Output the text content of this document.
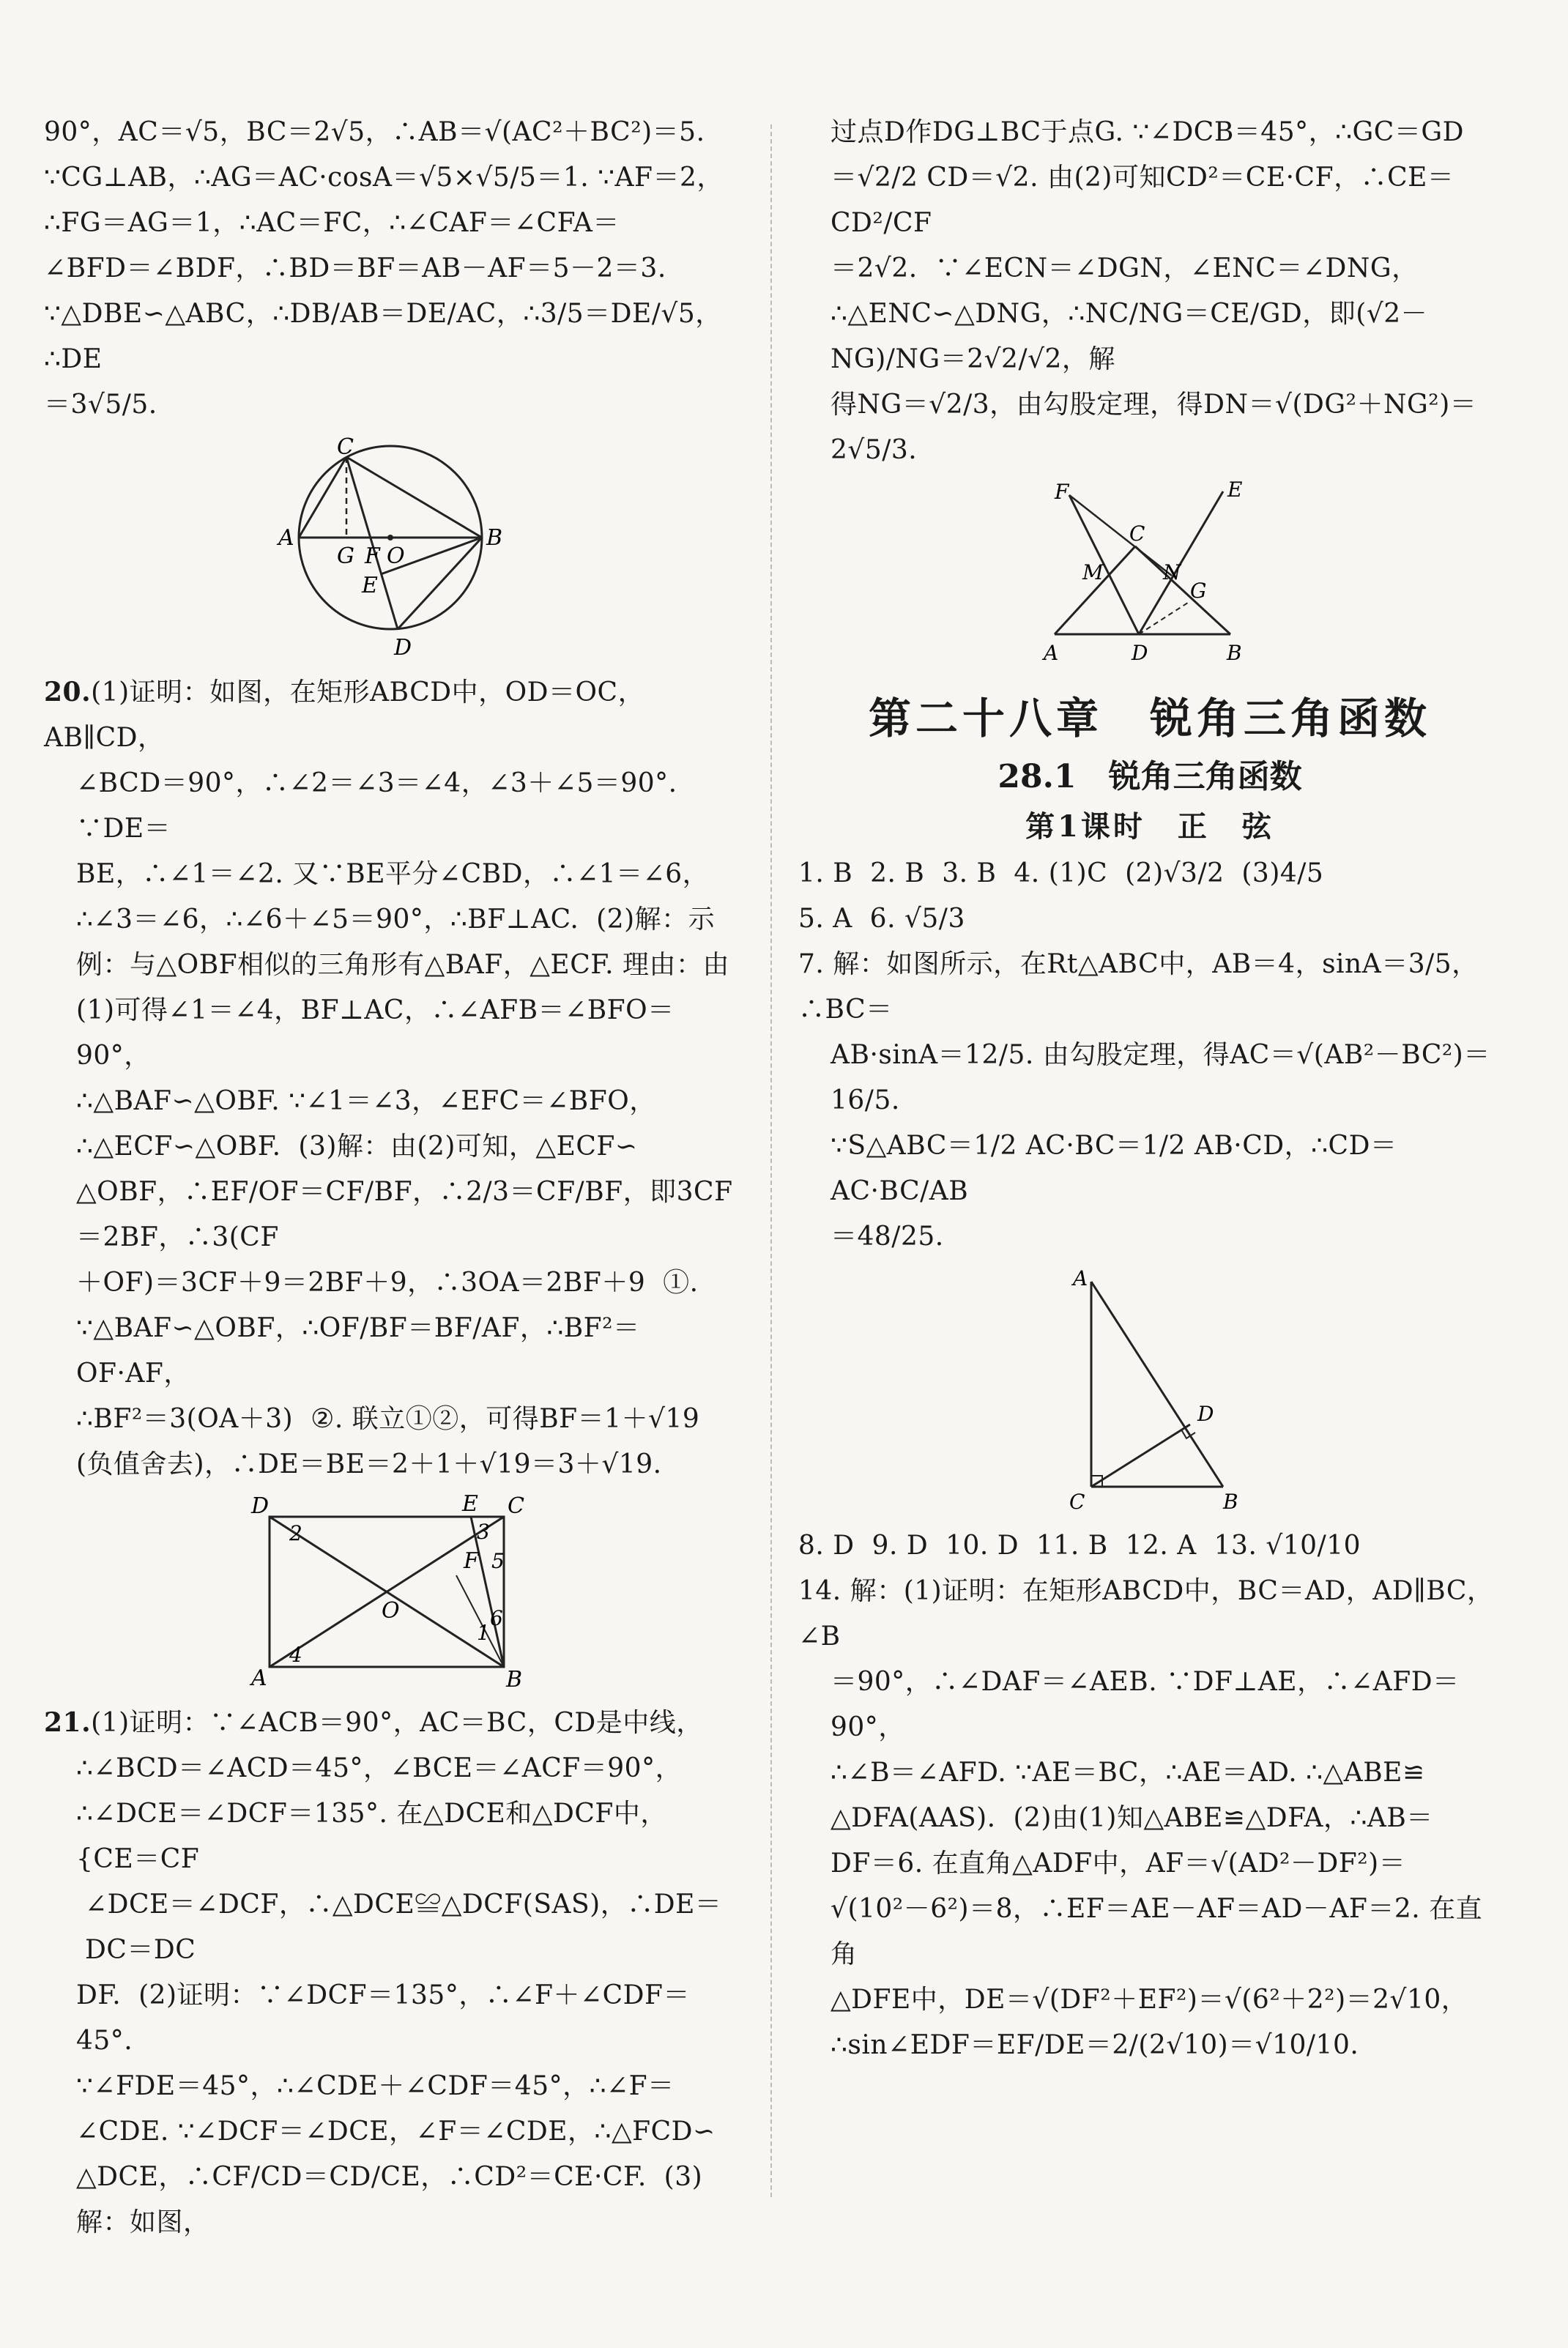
90°，AC＝√5，BC＝2√5，∴AB＝√(AC²＋BC²)＝5.
∵CG⊥AB，∴AG＝AC·cosA＝√5×√5/5＝1. ∵AF＝2，
∴FG＝AG＝1，∴AC＝FC，∴∠CAF＝∠CFA＝
∠BFD＝∠BDF，∴BD＝BF＝AB－AF＝5－2＝3.
∵△DBE∽△ABC，∴DB/AB＝DE/AC，∴3/5＝DE/√5，∴DE
＝3√5/5.
C
A
G F O
B
E
D
20.(1)证明：如图，在矩形ABCD中，OD＝OC，AB∥CD，
∠BCD＝90°，∴∠2＝∠3＝∠4，∠3＋∠5＝90°. ∵DE＝
BE，∴∠1＝∠2. 又∵BE平分∠CBD，∴∠1＝∠6，
∴∠3＝∠6，∴∠6＋∠5＝90°，∴BF⊥AC.  (2)解：示
例：与△OBF相似的三角形有△BAF，△ECF. 理由：由
(1)可得∠1＝∠4，BF⊥AC，∴∠AFB＝∠BFO＝90°，
∴△BAF∽△OBF. ∵∠1＝∠3，∠EFC＝∠BFO，
∴△ECF∽△OBF.  (3)解：由(2)可知，△ECF∽
△OBF，∴EF/OF＝CF/BF，∴2/3＝CF/BF，即3CF＝2BF，∴3(CF
＋OF)＝3CF＋9＝2BF＋9，∴3OA＝2BF＋9  ①.
∵△BAF∽△OBF，∴OF/BF＝BF/AF，∴BF²＝OF·AF，
∴BF²＝3(OA＋3)  ②. 联立①②，可得BF＝1＋√19
(负值舍去)，∴DE＝BE＝2＋1＋√19＝3＋√19.
D	E C
2	3
F 5
O	6
1
A
4
B
21.(1)证明：∵∠ACB＝90°，AC＝BC，CD是中线，
∴∠BCD＝∠ACD＝45°，∠BCE＝∠ACF＝90°，
∴∠DCE＝∠DCF＝135°. 在△DCE和△DCF中，
{CE＝CF
∠DCE＝∠DCF，∴△DCE≌△DCF(SAS)，∴DE＝
DC＝DC
DF.  (2)证明：∵∠DCF＝135°，∴∠F＋∠CDF＝45°.
∵∠FDE＝45°，∴∠CDE＋∠CDF＝45°，∴∠F＝
∠CDE. ∵∠DCF＝∠DCE，∠F＝∠CDE，∴△FCD∽
△DCE，∴CF/CD＝CD/CE，∴CD²＝CE·CF.  (3)解：如图，
过点D作DG⊥BC于点G. ∵∠DCB＝45°，∴GC＝GD
＝√2/2 CD＝√2. 由(2)可知CD²＝CE·CF，∴CE＝CD²/CF
＝2√2.  ∵∠ECN＝∠DGN，∠ENC＝∠DNG，
∴△ENC∽△DNG，∴NC/NG＝CE/GD，即(√2－NG)/NG＝2√2/√2，解
得NG＝√2/3，由勾股定理，得DN＝√(DG²＋NG²)＝2√5/3.
F	E
C
M	N
G
A	D	B
第二十八章　锐角三角函数
28.1　锐角三角函数
第1课时　正　弦
1. B  2. B  3. B  4. (1)C  (2)√3/2  (3)4/5
5. A  6. √5/3
7. 解：如图所示，在Rt△ABC中，AB＝4，sinA＝3/5，∴BC＝
AB·sinA＝12/5. 由勾股定理，得AC＝√(AB²－BC²)＝16/5.
∵S△ABC＝1/2 AC·BC＝1/2 AB·CD，∴CD＝AC·BC/AB
＝48/25.
A
D
C	B
8. D  9. D  10. D  11. B  12. A  13. √10/10
14. 解：(1)证明：在矩形ABCD中，BC＝AD，AD∥BC，∠B
＝90°，∴∠DAF＝∠AEB. ∵DF⊥AE，∴∠AFD＝90°，
∴∠B＝∠AFD. ∵AE＝BC，∴AE＝AD. ∴△ABE≌
△DFA(AAS).  (2)由(1)知△ABE≌△DFA，∴AB＝
DF＝6. 在直角△ADF中，AF＝√(AD²－DF²)＝
√(10²－6²)＝8，∴EF＝AE－AF＝AD－AF＝2. 在直角
△DFE中，DE＝√(DF²＋EF²)＝√(6²＋2²)＝2√10，
∴sin∠EDF＝EF/DE＝2/(2√10)＝√10/10.
